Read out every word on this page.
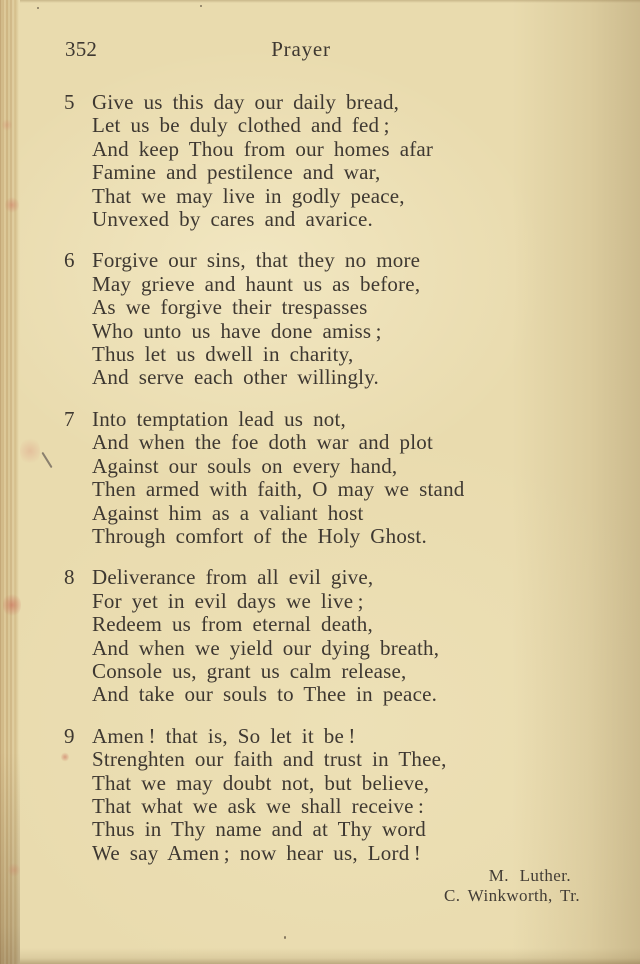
352	Prayer
5 Give us this day our daily bread,
Let us be duly clothed and fed ;
And keep Thou from our homes afar
Famine and pestilence and war,
That we may live in godly peace,
Unvexed by cares and avarice.
6 Forgive our sins, that they no more
May grieve and haunt us as before,
As we forgive their trespasses
Who unto us have done amiss ;
Thus let us dwell in charity,
And serve each other willingly.
7 Into temptation lead us not,
And when the foe doth war and plot
Against our souls on every hand,
Then armed with faith, O may we stand
Against him as a valiant host
Through comfort of the Holy Ghost.
8 Deliverance from all evil give,
For yet in evil days we live ;
Redeem us from eternal death,
And when we yield our dying breath,
Console us, grant us calm release,
And take our souls to Thee in peace.
9 Amen ! that is, So let it be !
Strenghten our faith and trust in Thee,
That we may doubt not, but believe,
That what we ask we shall receive :
Thus in Thy name and at Thy word
We say Amen ; now hear us, Lord !
M. Luther.
C. Winkworth, Tr.
